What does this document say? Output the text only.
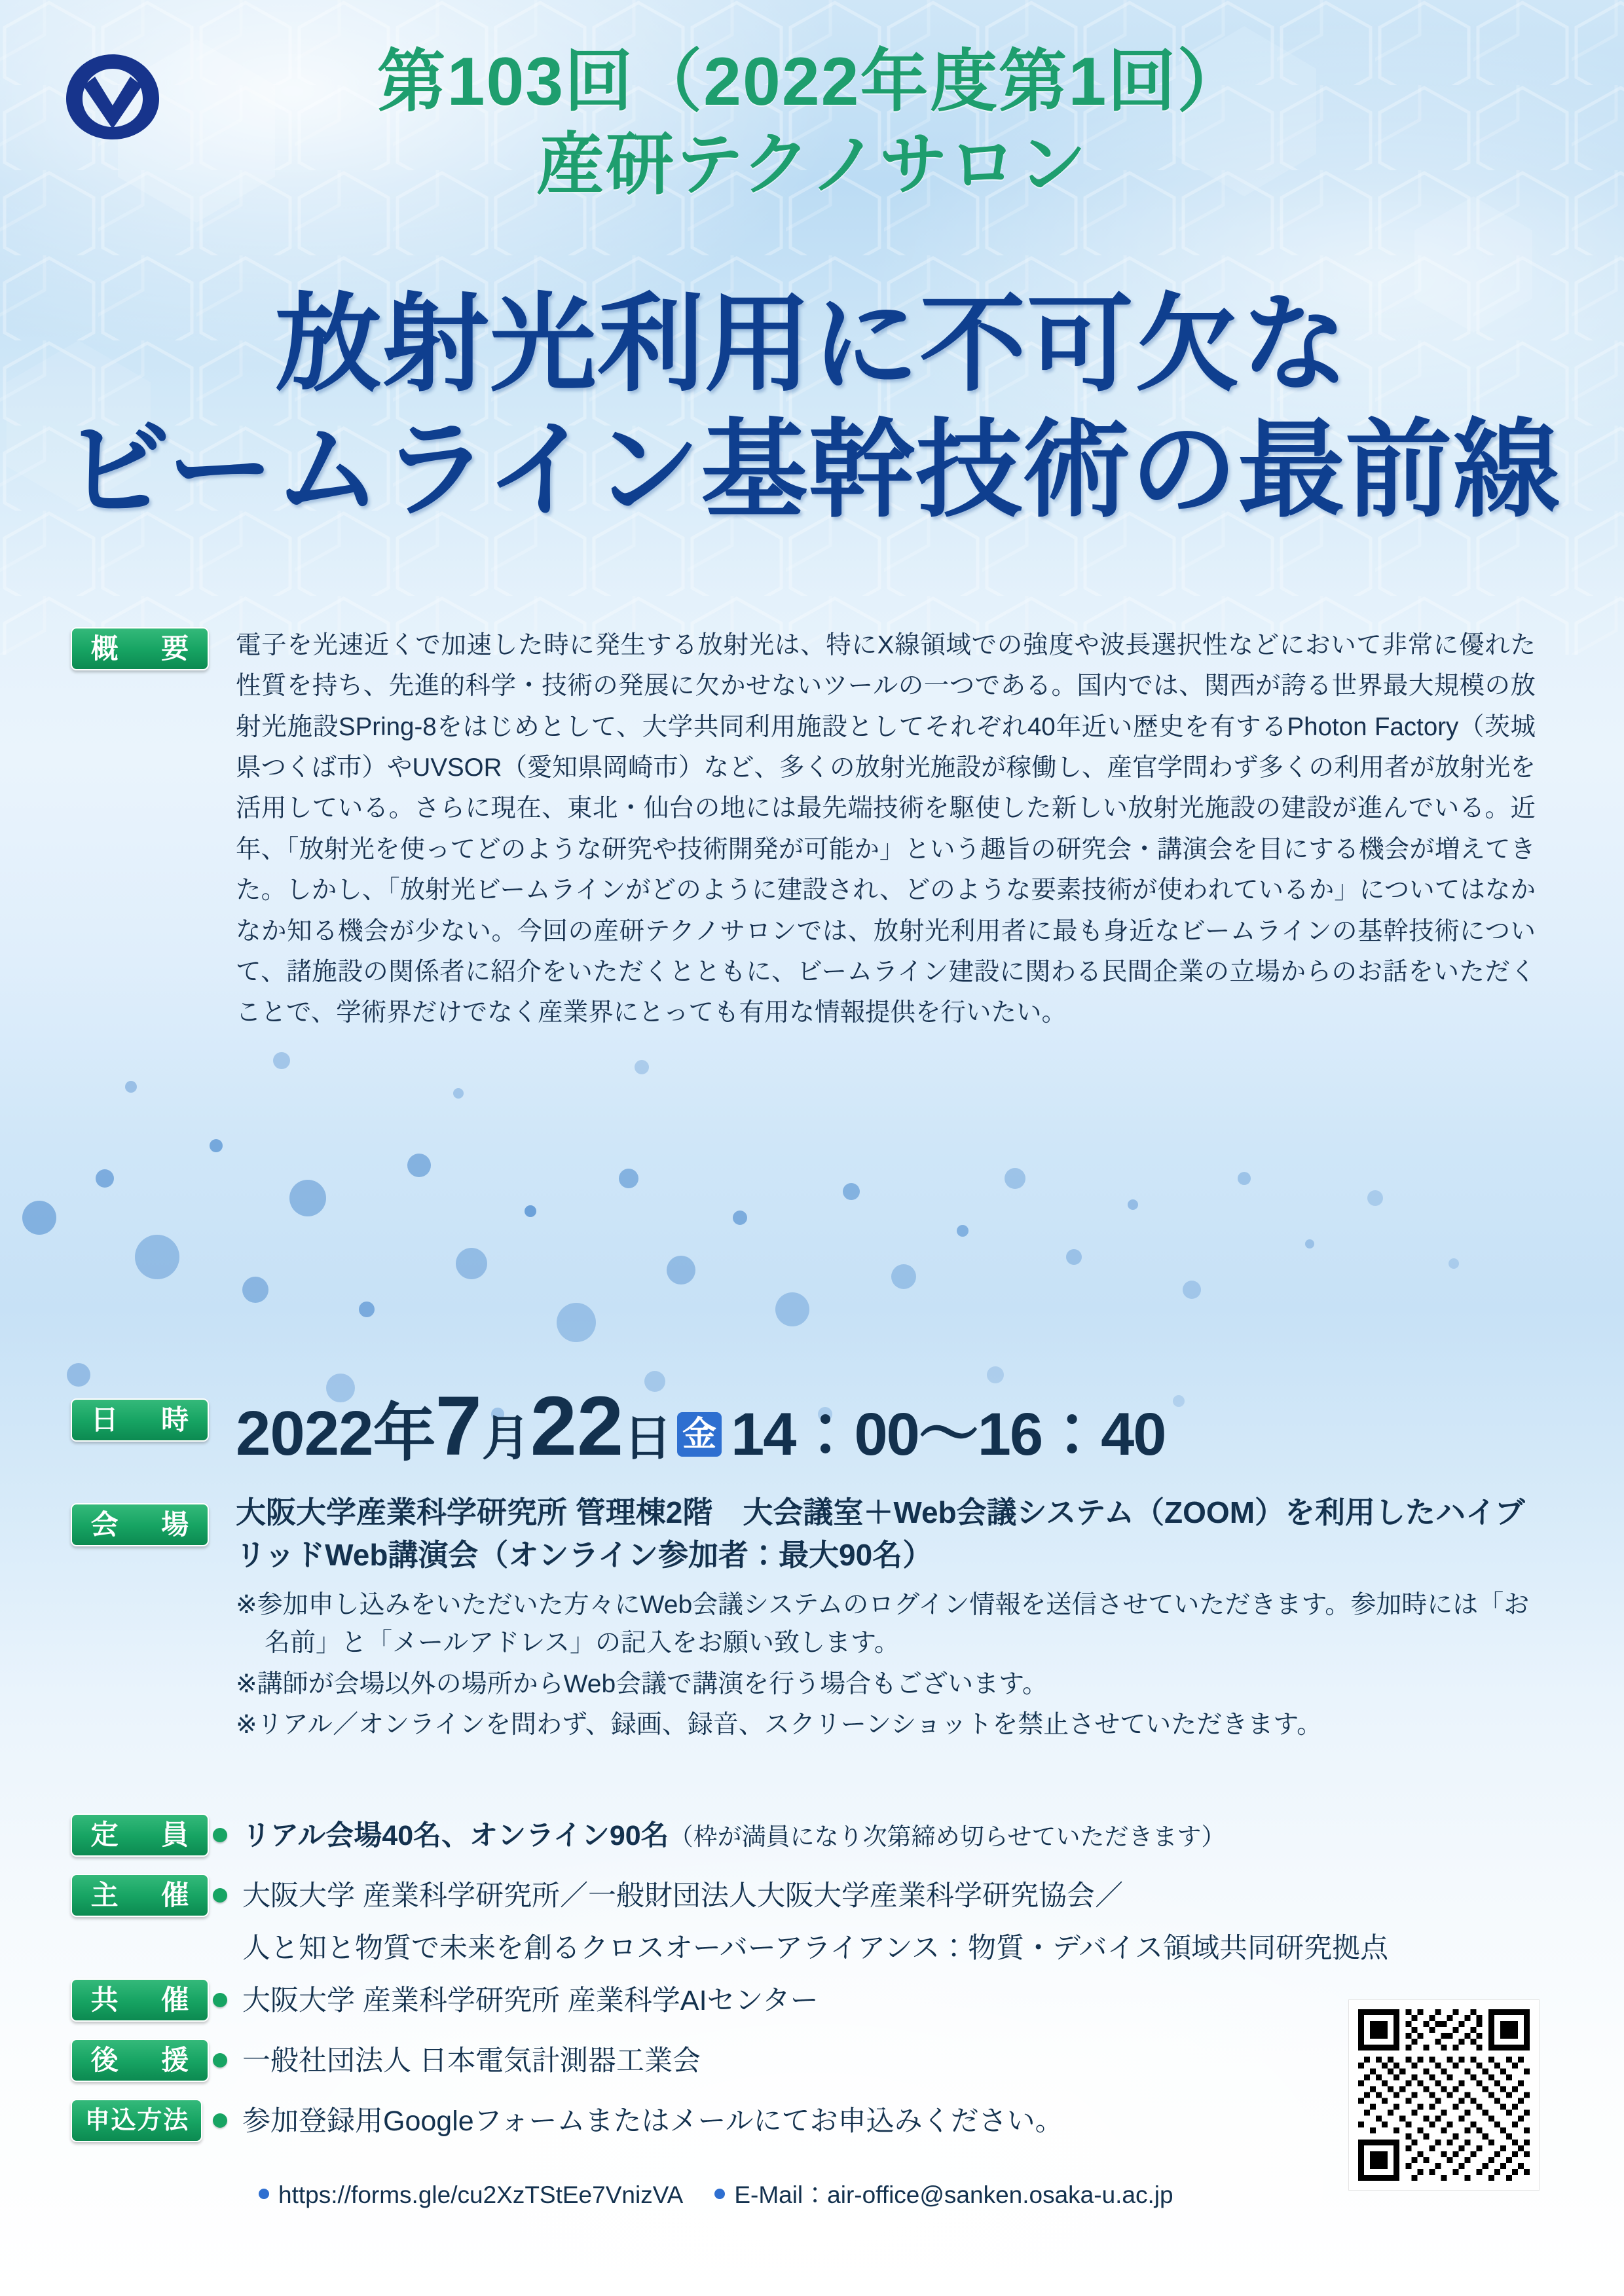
第103回（2022年度第1回）
産研テクノサロン
放射光利用に不可欠な
ビームライン基幹技術の最前線
概　要	電子を光速近くで加速した時に発生する放射光は、特にX線領域での強度や波長選択性などにおいて非常に優れた性質を持ち、先進的科学・技術の発展に欠かせないツールの一つである。国内では、関西が誇る世界最大規模の放射光施設SPring-8をはじめとして、大学共同利用施設としてそれぞれ40年近い歴史を有するPhoton Factory（茨城県つくば市）やUVSOR（愛知県岡崎市）など、多くの放射光施設が稼働し、産官学問わず多くの利用者が放射光を活用している。さらに現在、東北・仙台の地には最先端技術を駆使した新しい放射光施設の建設が進んでいる。近年、「放射光を使ってどのような研究や技術開発が可能か」という趣旨の研究会・講演会を目にする機会が増えてきた。しかし、「放射光ビームラインがどのように建設され、どのような要素技術が使われているか」についてはなかなか知る機会が少ない。今回の産研テクノサロンでは、放射光利用者に最も身近なビームラインの基幹技術について、諸施設の関係者に紹介をいただくとともに、ビームライン建設に関わる民間企業の立場からのお話をいただくことで、学術界だけでなく産業界にとっても有用な情報提供を行いたい。
日　時 2022年7月22日 金 14：00〜16：40
会　場	大阪大学産業科学研究所 管理棟2階　大会議室＋Web会議システム（ZOOM）を利用したハイブリッドWeb講演会（オンライン参加者：最大90名）

※参加申し込みをいただいた方々にWeb会議システムのログイン情報を送信させていただきます。参加時には「お名前」と「メールアドレス」の記入をお願い致します。

※講師が会場以外の場所からWeb会議で講演を行う場合もございます。

※リアル／オンラインを問わず、録画、録音、スクリーンショットを禁止させていただきます。

定　員	リアル会場40名、オンライン90名（枠が満員になり次第締め切らせていただきます）
主　催	大阪大学 産業科学研究所／一般財団法人大阪大学産業科学研究協会／
人と知と物質で未来を創るクロスオーバーアライアンス：物質・デバイス領域共同研究拠点
共　催	大阪大学 産業科学研究所 産業科学AIセンター
後　援	一般社団法人 日本電気計測器工業会
申込方法	参加登録用Googleフォームまたはメールにてお申込みください。
https://forms.gle/cu2XzTStEe7VnizVA E-Mail：air-office@sanken.osaka-u.ac.jp
